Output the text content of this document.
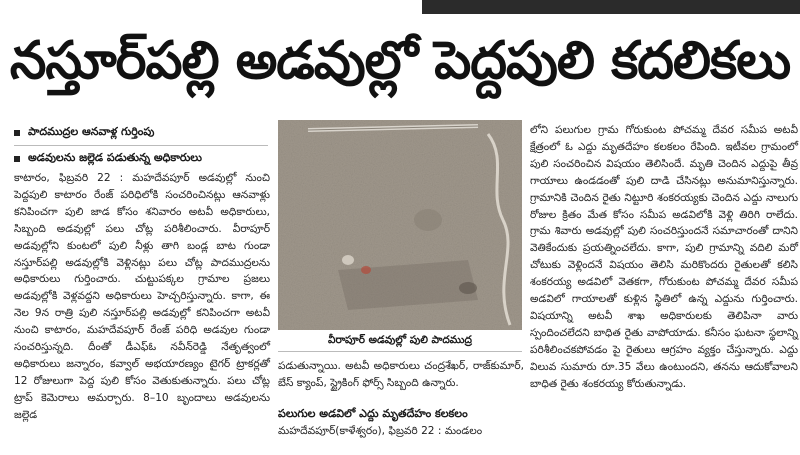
నస్తూర్‌పల్లి అడవుల్లో పెద్దపులి కదలికలు
పాదముద్రల ఆనవాళ్ల గుర్తింపు
అడవులను జల్లెడ పడుతున్న అధికారులు

కాటారం, ఫిబ్రవరి 22 : మహదేవపూర్ అడవుల్లో నుంచి పెద్దపులి కాటారం రేంజ్ పరిధిలోకి సంచరించినట్లు ఆనవాళ్లు కనిపించగా పులి జాడ కోసం శనివారం అటవీ అధికారులు, సిబ్బంది అడవుల్లో పలు చోట్ల పరిశీలించారు. వీరాపూర్ అడవుల్లోని కుంటలో పులి నీళ్లు తాగి బండ్ల బాట గుండా నస్తూర్‌పల్లి అడవుల్లోకి వెళ్లినట్లు పలు చోట్ల పాదముద్రలను అధికారులు గుర్తించారు. చుట్టుపక్కల గ్రామాల ప్రజలు అడవుల్లోకి వెళ్లవద్దని అధికారులు హెచ్చరిస్తున్నారు. కాగా, ఈ నెల 9న రాత్రి పులి నస్తూర్‌పల్లి అడవుల్లో కనిపించగా అటవీ నుంచి కాటారం, మహదేవపూర్ రేంజ్ పరిధి అడవుల గుండా సంచరిస్తున్నది. దీంతో డీఎఫ్‌ఓ నవీన్‌రెడ్డి నేతృత్వంలో అధికారులు జన్నారం, కవ్వాల్ అభయారణ్యం టైగర్ ట్రాకర్లతో 12 రోజులుగా పెద్ద పులి కోసం వెతుకుతున్నారు. పలు చోట్ల ట్రాప్ కెమెరాలు అమర్చారు. 8–10 బృందాలు అడవులను జల్లెడ

వీరాపూర్ అడవుల్లో పులి పాదముద్ర

పడుతున్నాయి. అటవీ అధికారులు చంద్రశేఖర్, రాజ్‌కుమార్, బేస్ క్యాంప్, స్ట్రైకింగ్ ఫోర్స్ సిబ్బంది ఉన్నారు.

పలుగుల అడవిలో ఎద్దు మృతదేహం కలకలం

మహదేవపూర్(కాళేశ్వరం), ఫిబ్రవరి 22 : మండలం

లోని పలుగుల గ్రామ గోరుకుంట పోచమ్మ దేవర సమీప అటవీ క్షేత్రంలో ఓ ఎద్దు మృతదేహం కలకలం రేపింది. ఇటీవల గ్రామంలో పులి సంచరించిన విషయం తెలిసిందే. మృతి చెందిన ఎద్దుపై తీవ్ర గాయాలు ఉండడంతో పులి దాడి చేసినట్లు అనుమానిస్తున్నారు. గ్రామానికి చెందిన రైతు నిట్టూరి శంకరయ్యకు చెందిన ఎద్దు నాలుగు రోజుల క్రితం మేత కోసం సమీప అడవిలోకి వెళ్లి తిరిగి రాలేదు. గ్రామ శివారు అడవుల్లో పులి సంచరిస్తుందనే సమాచారంతో దానిని వెతికేందుకు ప్రయత్నించలేదు. కాగా, పులి గ్రామాన్ని వదిలి మరో చోటుకు వెళ్లిందనే విషయం తెలిసి మరికొందరు రైతులతో కలిసి శంకరయ్య అడవిలో వెతకగా, గోరుకుంట పోచమ్మ దేవర సమీప అడవిలో గాయాలతో కుళ్లిన స్థితిలో ఉన్న ఎద్దును గుర్తించారు. విషయాన్ని అటవీ శాఖ అధికారులకు తెలిపినా వారు స్పందించలేదని బాధిత రైతు వాపోయాడు. కనీసం ఘటనా స్థలాన్ని పరిశీలించకపోవడం పై రైతులు ఆగ్రహం వ్యక్తం చేస్తున్నారు. ఎద్దు విలువ సుమారు రూ.35 వేలు ఉంటుందని, తనను ఆదుకోవాలని బాధిత రైతు శంకరయ్య కోరుతున్నాడు.
